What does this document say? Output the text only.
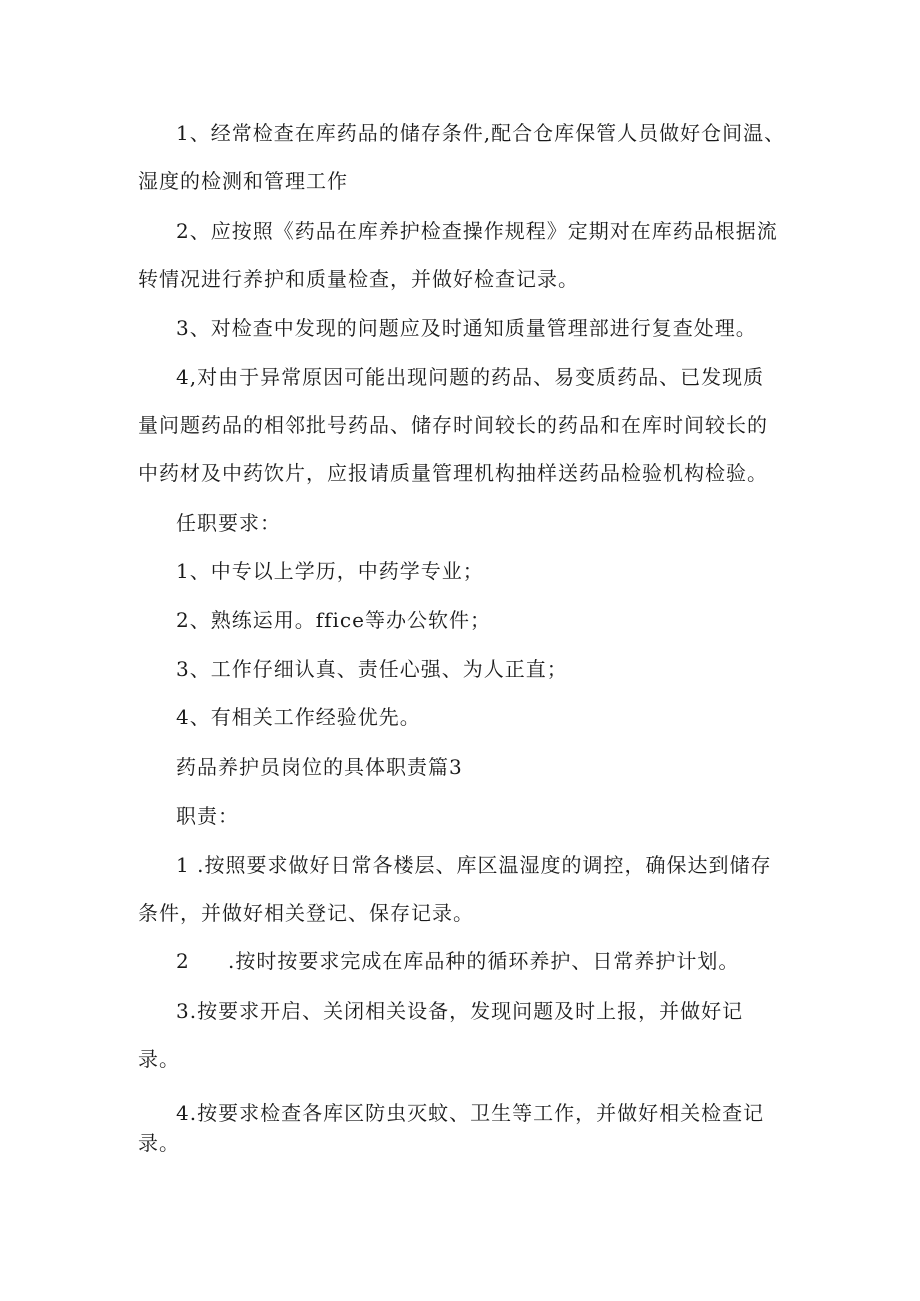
1、经常检查在库药品的储存条件,配合仓库保管人员做好仓间温、
湿度的检测和管理工作
2、应按照《药品在库养护检查操作规程》定期对在库药品根据流
转情况进行养护和质量检查，并做好检查记录。
3、对检查中发现的问题应及时通知质量管理部进行复查处理。
4,对由于异常原因可能出现问题的药品、易变质药品、已发现质
量问题药品的相邻批号药品、储存时间较长的药品和在库时间较长的
中药材及中药饮片，应报请质量管理机构抽样送药品检验机构检验。
任职要求：
1、中专以上学历，中药学专业；
2、熟练运用。ffice等办公软件；
3、工作仔细认真、责任心强、为人正直；
4、有相关工作经验优先。
药品养护员岗位的具体职责篇3
职责：
1 .按照要求做好日常各楼层、库区温湿度的调控，确保达到储存
条件，并做好相关登记、保存记录。
2 .按时按要求完成在库品种的循环养护、日常养护计划。
3.按要求开启、关闭相关设备，发现问题及时上报，并做好记
录。
4.按要求检查各库区防虫灭蚊、卫生等工作，并做好相关检查记
录。
